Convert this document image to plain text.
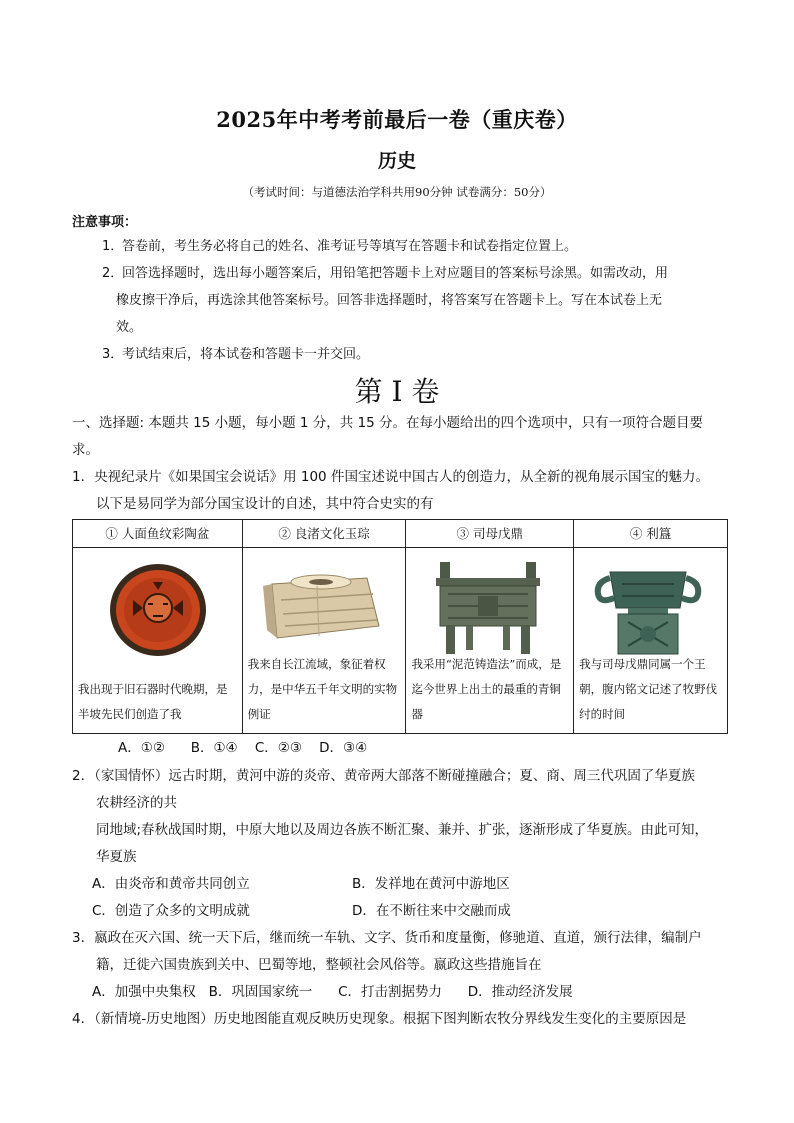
2025年中考考前最后一卷（重庆卷）
历史
（考试时间：与道德法治学科共用90分钟 试卷满分：50分）
注意事项：
1．答卷前，考生务必将自己的姓名、准考证号等填写在答题卡和试卷指定位置上。
2．回答选择题时，选出每小题答案后，用铅笔把答题卡上对应题目的答案标号涂黑。如需改动，用
橡皮擦干净后，再选涂其他答案标号。回答非选择题时，将答案写在答题卡上。写在本试卷上无
效。
3．考试结束后，将本试卷和答题卡一并交回。
第 I 卷
一、选择题: 本题共 15 小题，每小题 1 分，共 15 分。在每小题给出的四个选项中，只有一项符合题目要
求。
1．央视纪录片《如果国宝会说话》用 100 件国宝述说中国古人的创造力，从全新的视角展示国宝的魅力。
以下是易同学为部分国宝设计的自述，其中符合史实的有
① 人面鱼纹彩陶盆	② 良渚文化玉琮	③ 司母戊鼎	④ 利簋

我出现于旧石器时代晚期，是半坡先民们创造了我	我来自长江流域，象征着权力，是中华五千年文明的实物例证	我采用“泥范铸造法”而成，是迄今世界上出土的最重的青铜器	我与司母戊鼎同属一个王朝，腹内铭文记述了牧野伐纣的时间
A．①②      B．①④    C．②③    D．③④
2．（家国情怀）远古时期，黄河中游的炎帝、黄帝两大部落不断碰撞融合；夏、商、周三代巩固了华夏族
农耕经济的共
同地域;春秋战国时期，中原大地以及周边各族不断汇聚、兼并、扩张，逐渐形成了华夏族。由此可知，
华夏族
A．由炎帝和黄帝共同创立	B．发祥地在黄河中游地区
C．创造了众多的文明成就	D．在不断往来中交融而成
3．嬴政在灭六国、统一天下后，继而统一车轨、文字、货币和度量衡，修驰道、直道，颁行法律，编制户
籍，迁徙六国贵族到关中、巴蜀等地，整顿社会风俗等。嬴政这些措施旨在
A．加强中央集权   B．巩固国家统一      C．打击割据势力      D．推动经济发展
4．（新情境-历史地图）历史地图能直观反映历史现象。根据下图判断农牧分界线发生变化的主要原因是
